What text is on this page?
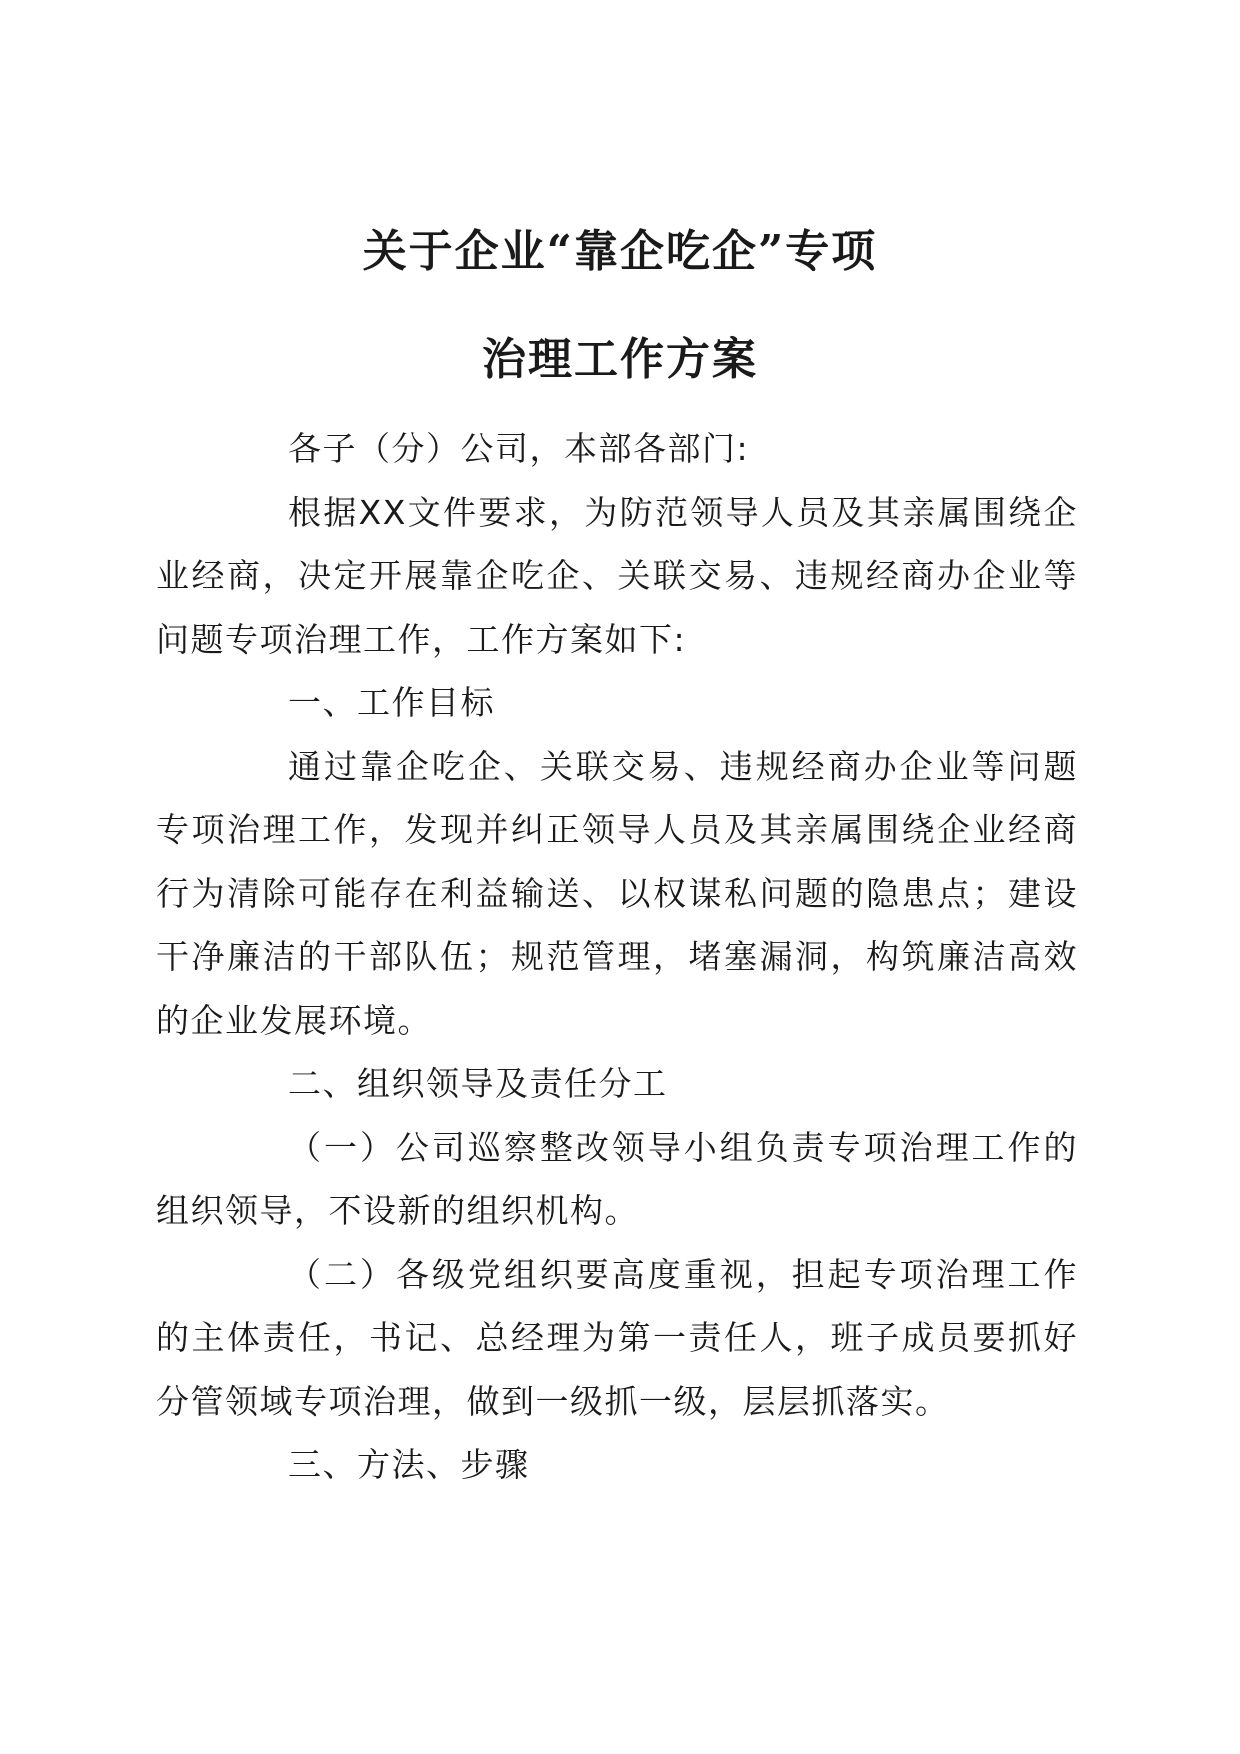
关于企业“靠企吃企”专项
治理工作方案

各子（分）公司，本部各部门:

根据XX文件要求，为防范领导人员及其亲属围绕企业经商，决定开展靠企吃企、关联交易、违规经商办企业等问题专项治理工作，工作方案如下:

一、工作目标

通过靠企吃企、关联交易、违规经商办企业等问题专项治理工作，发现并纠正领导人员及其亲属围绕企业经商行为清除可能存在利益输送、以权谋私问题的隐患点；建设干净廉洁的干部队伍；规范管理，堵塞漏洞，构筑廉洁高效的企业发展环境。

二、组织领导及责任分工

（一）公司巡察整改领导小组负责专项治理工作的组织领导，不设新的组织机构。

（二）各级党组织要高度重视，担起专项治理工作的主体责任，书记、总经理为第一责任人，班子成员要抓好分管领域专项治理，做到一级抓一级，层层抓落实。

三、方法、步骤
